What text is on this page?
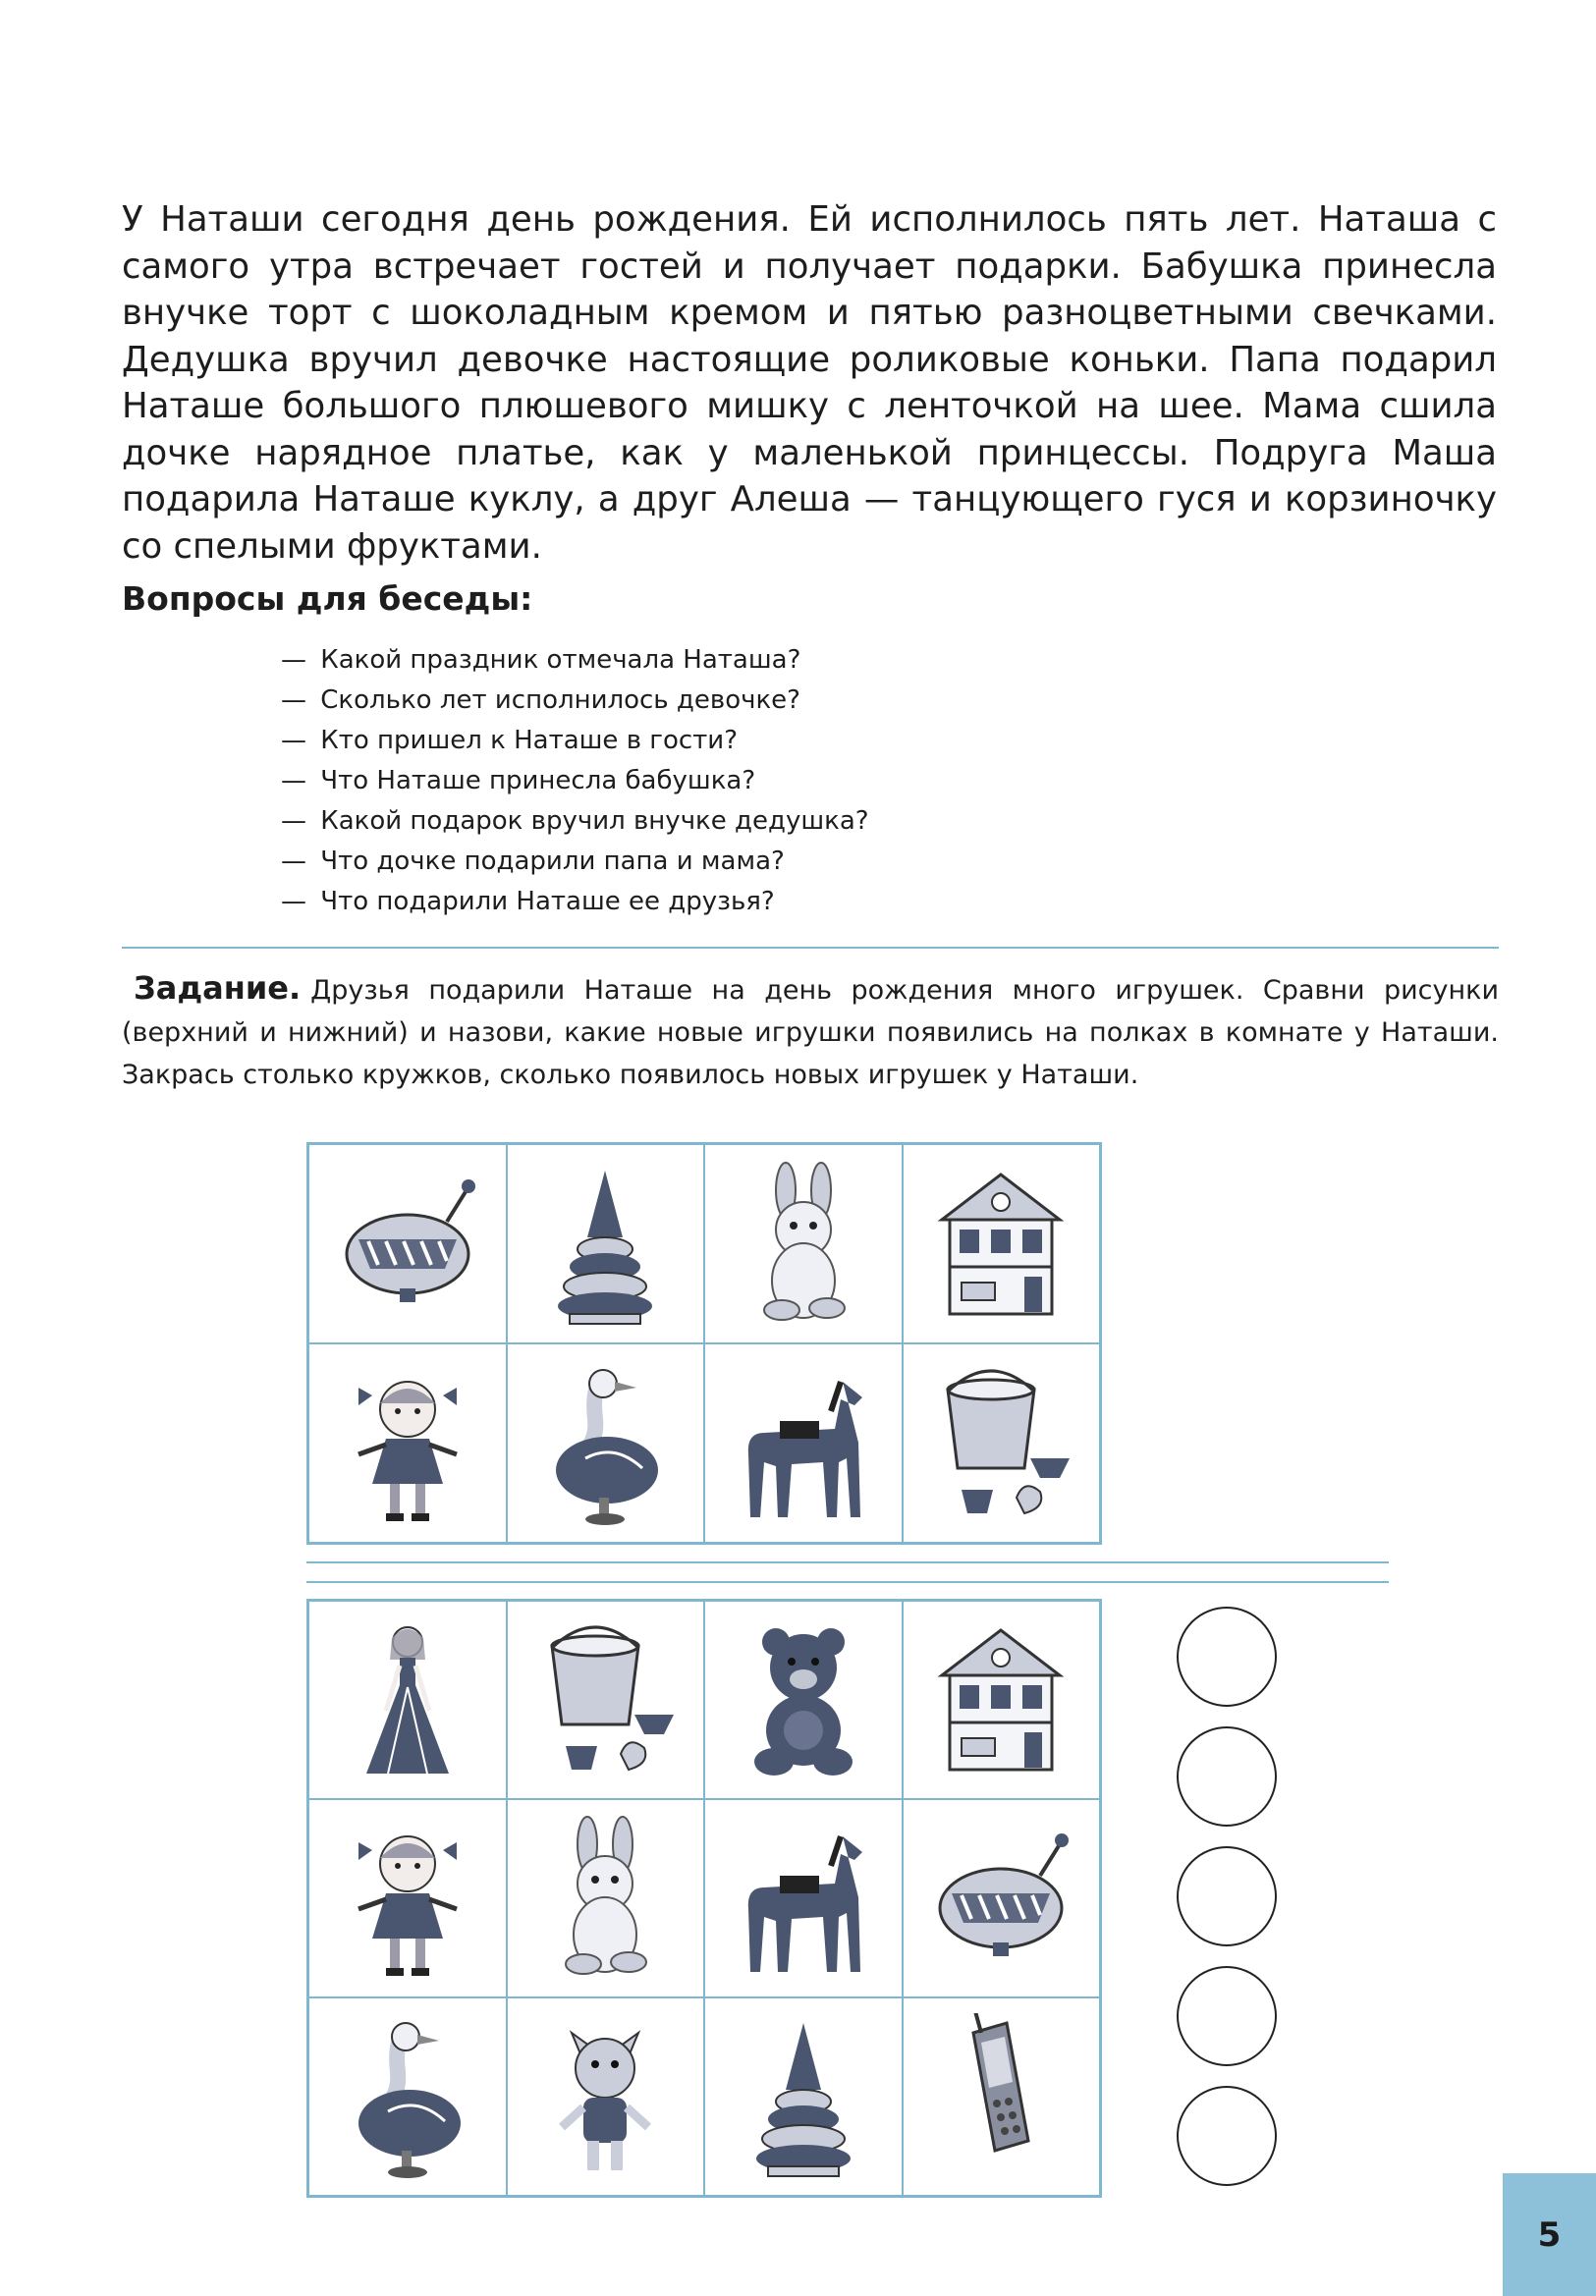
У Наташи сегодня день рождения. Ей исполнилось пять лет. Наташа с самого утра встречает гостей и получает подарки. Бабушка принесла внучке торт с шоколадным кремом и пятью разноцветными свечками. Дедушка вручил девочке настоящие роликовые коньки. Папа подарил Наташе большого плюшевого мишку с ленточкой на шее. Мама сшила дочке нарядное платье, как у маленькой принцессы. Подруга Маша подарила Наташе куклу, а друг Алеша — танцующего гуся и корзиночку со спелыми фруктами.

Вопросы для беседы:
— Какой праздник отмечала Наташа?
— Сколько лет исполнилось девочке?
— Кто пришел к Наташе в гости?
— Что Наташе принесла бабушка?
— Какой подарок вручил внучке дедушка?
— Что дочке подарили папа и мама?
— Что подарили Наташе ее друзья?

Задание. Друзья подарили Наташе на день рождения много игрушек. Сравни рисунки (верхний и нижний) и назови, какие новые игрушки появились на полках в комнате у Наташи. Закрась столько кружков, сколько появилось новых игрушек у Наташи.

5
